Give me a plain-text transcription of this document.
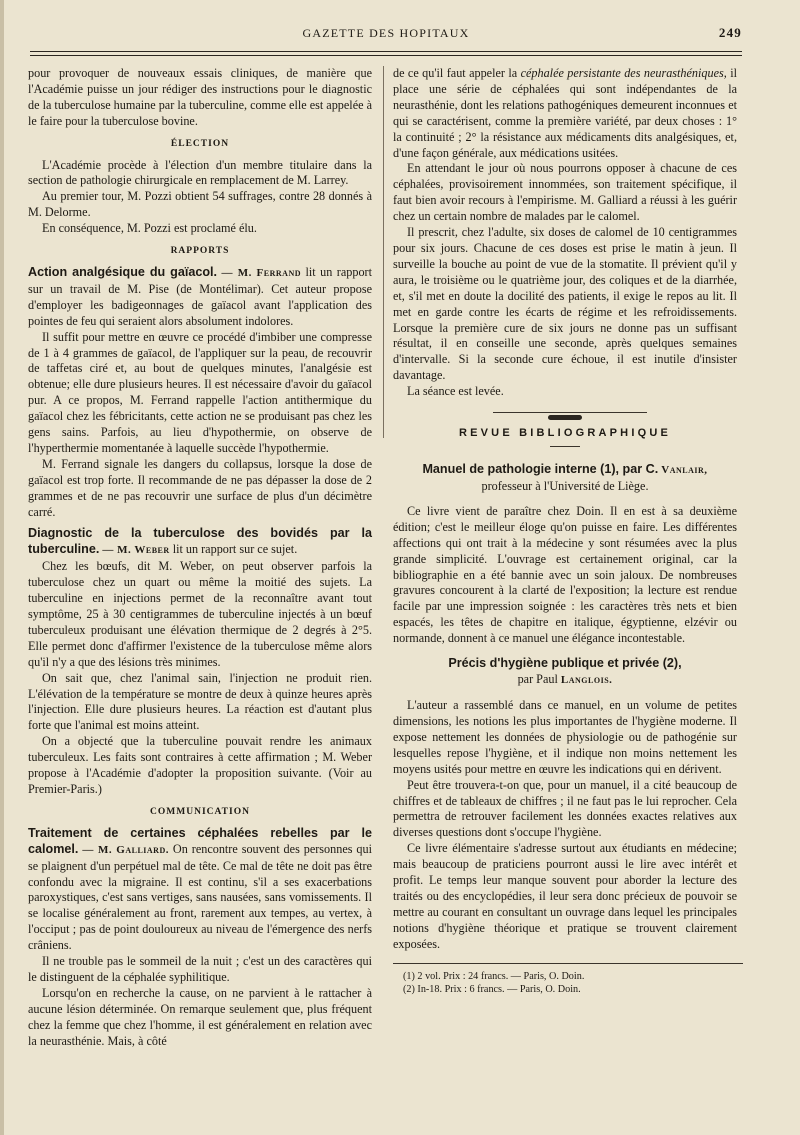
GAZETTE DES HOPITAUX	249

pour provoquer de nouveaux essais cliniques, de manière que l'Académie puisse un jour rédiger des instructions pour le diagnostic de la tuberculose humaine par la tuberculine, comme elle est appelée à le faire pour la tuberculose bovine.

ÉLECTION

L'Académie procède à l'élection d'un membre titulaire dans la section de pathologie chirurgicale en remplacement de M. Larrey.

Au premier tour, M. Pozzi obtient 54 suffrages, contre 28 donnés à M. Delorme.

En conséquence, M. Pozzi est proclamé élu.

RAPPORTS

Action analgésique du gaïacol. — M. Ferrand lit un rapport sur un travail de M. Pise (de Montélimar). Cet auteur propose d'employer les badigeonnages de gaïacol avant l'application des pointes de feu qui seraient alors absolument indolores.

Il suffit pour mettre en œuvre ce procédé d'imbiber une compresse de 1 à 4 grammes de gaïacol, de l'appliquer sur la peau, de recouvrir de taffetas ciré et, au bout de quelques minutes, l'analgésie est obtenue; elle dure plusieurs heures. Il est nécessaire d'avoir du gaïacol pur. A ce propos, M. Ferrand rappelle l'action antithermique du gaïacol chez les fébricitants, cette action ne se produisant pas chez les gens sains. Parfois, au lieu d'hypothermie, on observe de l'hyperthermie momentanée à laquelle succède l'hypothermie.

M. Ferrand signale les dangers du collapsus, lorsque la dose de gaïacol est trop forte. Il recommande de ne pas dépasser la dose de 2 grammes et de ne pas recouvrir une surface de plus d'un décimètre carré.

Diagnostic de la tuberculose des bovidés par la tuberculine. — M. Weber lit un rapport sur ce sujet.

Chez les bœufs, dit M. Weber, on peut observer parfois la tuberculose chez un quart ou même la moitié des sujets. La tuberculine en injections permet de la reconnaître avant tout symptôme, 25 à 30 centigrammes de tuberculine injectés à un bœuf tuberculeux produisant une élévation thermique de 2 degrés à 2°5. Elle permet donc d'affirmer l'existence de la tuberculose même alors qu'il n'y a que des lésions très minimes.

On sait que, chez l'animal sain, l'injection ne produit rien. L'élévation de la température se montre de deux à quinze heures après l'injection. Elle dure plusieurs heures. La réaction est d'autant plus forte que l'animal est moins atteint.

On a objecté que la tuberculine pouvait rendre les animaux tuberculeux. Les faits sont contraires à cette affirmation ; M. Weber propose à l'Académie d'adopter la proposition suivante. (Voir au Premier-Paris.)

COMMUNICATION

Traitement de certaines céphalées rebelles par le calomel. — M. Galliard. On rencontre souvent des personnes qui se plaignent d'un perpétuel mal de tête. Ce mal de tête ne doit pas être confondu avec la migraine. Il est continu, s'il a ses exacerbations paroxystiques, c'est sans vertiges, sans nausées, sans vomissements. Il se localise généralement au front, rarement aux tempes, au vertex, à l'occiput ; pas de point douloureux au niveau de l'émergence des nerfs crâniens.

Il ne trouble pas le sommeil de la nuit ; c'est un des caractères qui le distinguent de la céphalée syphilitique.

Lorsqu'on en recherche la cause, on ne parvient à le rattacher à aucune lésion déterminée. On remarque seulement que, plus fréquent chez la femme que chez l'homme, il est généralement en relation avec la neurasthénie. Mais, à côté

de ce qu'il faut appeler la céphalée persistante des neurasthéniques, il place une série de céphalées qui sont indépendantes de la neurasthénie, dont les relations pathogéniques demeurent inconnues et qui se caractérisent, comme la première variété, par deux choses : 1° la continuité ; 2° la résistance aux médicaments dits analgésiques, et, d'une façon générale, aux médications usitées.

En attendant le jour où nous pourrons opposer à chacune de ces céphalées, provisoirement innommées, son traitement spécifique, il faut bien avoir recours à l'empirisme. M. Galliard a réussi à les guérir chez un certain nombre de malades par le calomel.

Il prescrit, chez l'adulte, six doses de calomel de 10 centigrammes pour six jours. Chacune de ces doses est prise le matin à jeun. Il surveille la bouche au point de vue de la stomatite. Il prévient qu'il y aura, le troisième ou le quatrième jour, des coliques et de la diarrhée, et, s'il met en doute la docilité des patients, il exige le repos au lit. Il met en garde contre les écarts de régime et les refroidissements. Lorsque la première cure de six jours ne donne pas un suffisant résultat, il en conseille une seconde, après quelques semaines d'intervalle. Si la seconde cure échoue, il est inutile d'insister davantage.

La séance est levée.

REVUE BIBLIOGRAPHIQUE
Manuel de pathologie interne (1), par C. Vanlair,
professeur à l'Université de Liège.

Ce livre vient de paraître chez Doin. Il en est à sa deuxième édition; c'est le meilleur éloge qu'on puisse en faire. Les différentes affections qui ont trait à la médecine y sont résumées avec la plus grande simplicité. L'ouvrage est certainement original, car la bibliographie en a été bannie avec un soin jaloux. De nombreuses gravures concourent à la clarté de l'exposition; la lecture est rendue facile par une impression soignée : les caractères très nets et bien espacés, les têtes de chapitre en italique, égyptienne, elzévir ou normande, donnent à ce manuel une élégance incontestable.

Précis d'hygiène publique et privée (2),
par Paul Langlois.

L'auteur a rassemblé dans ce manuel, en un volume de petites dimensions, les notions les plus importantes de l'hygiène moderne. Il expose nettement les données de physiologie ou de pathogénie sur lesquelles repose l'hygiène, et il indique non moins nettement les moyens usités pour mettre en œuvre les indications qui en dérivent.

Peut être trouvera-t-on que, pour un manuel, il a cité beaucoup de chiffres et de tableaux de chiffres ; il ne faut pas le lui reprocher. Cela permettra de retrouver facilement les données exactes relatives aux diverses questions dont s'occupe l'hygiène.

Ce livre élémentaire s'adresse surtout aux étudiants en médecine; mais beaucoup de praticiens pourront aussi le lire avec intérêt et profit. Le temps leur manque souvent pour aborder la lecture des traités ou des encyclopédies, il leur sera donc précieux de pouvoir se mettre au courant en consultant un ouvrage dans lequel les principales notions d'hygiène théorique et pratique se trouvent clairement exposées.

(1) 2 vol. Prix : 24 francs. — Paris, O. Doin.
(2) In-18. Prix : 6 francs. — Paris, O. Doin.
